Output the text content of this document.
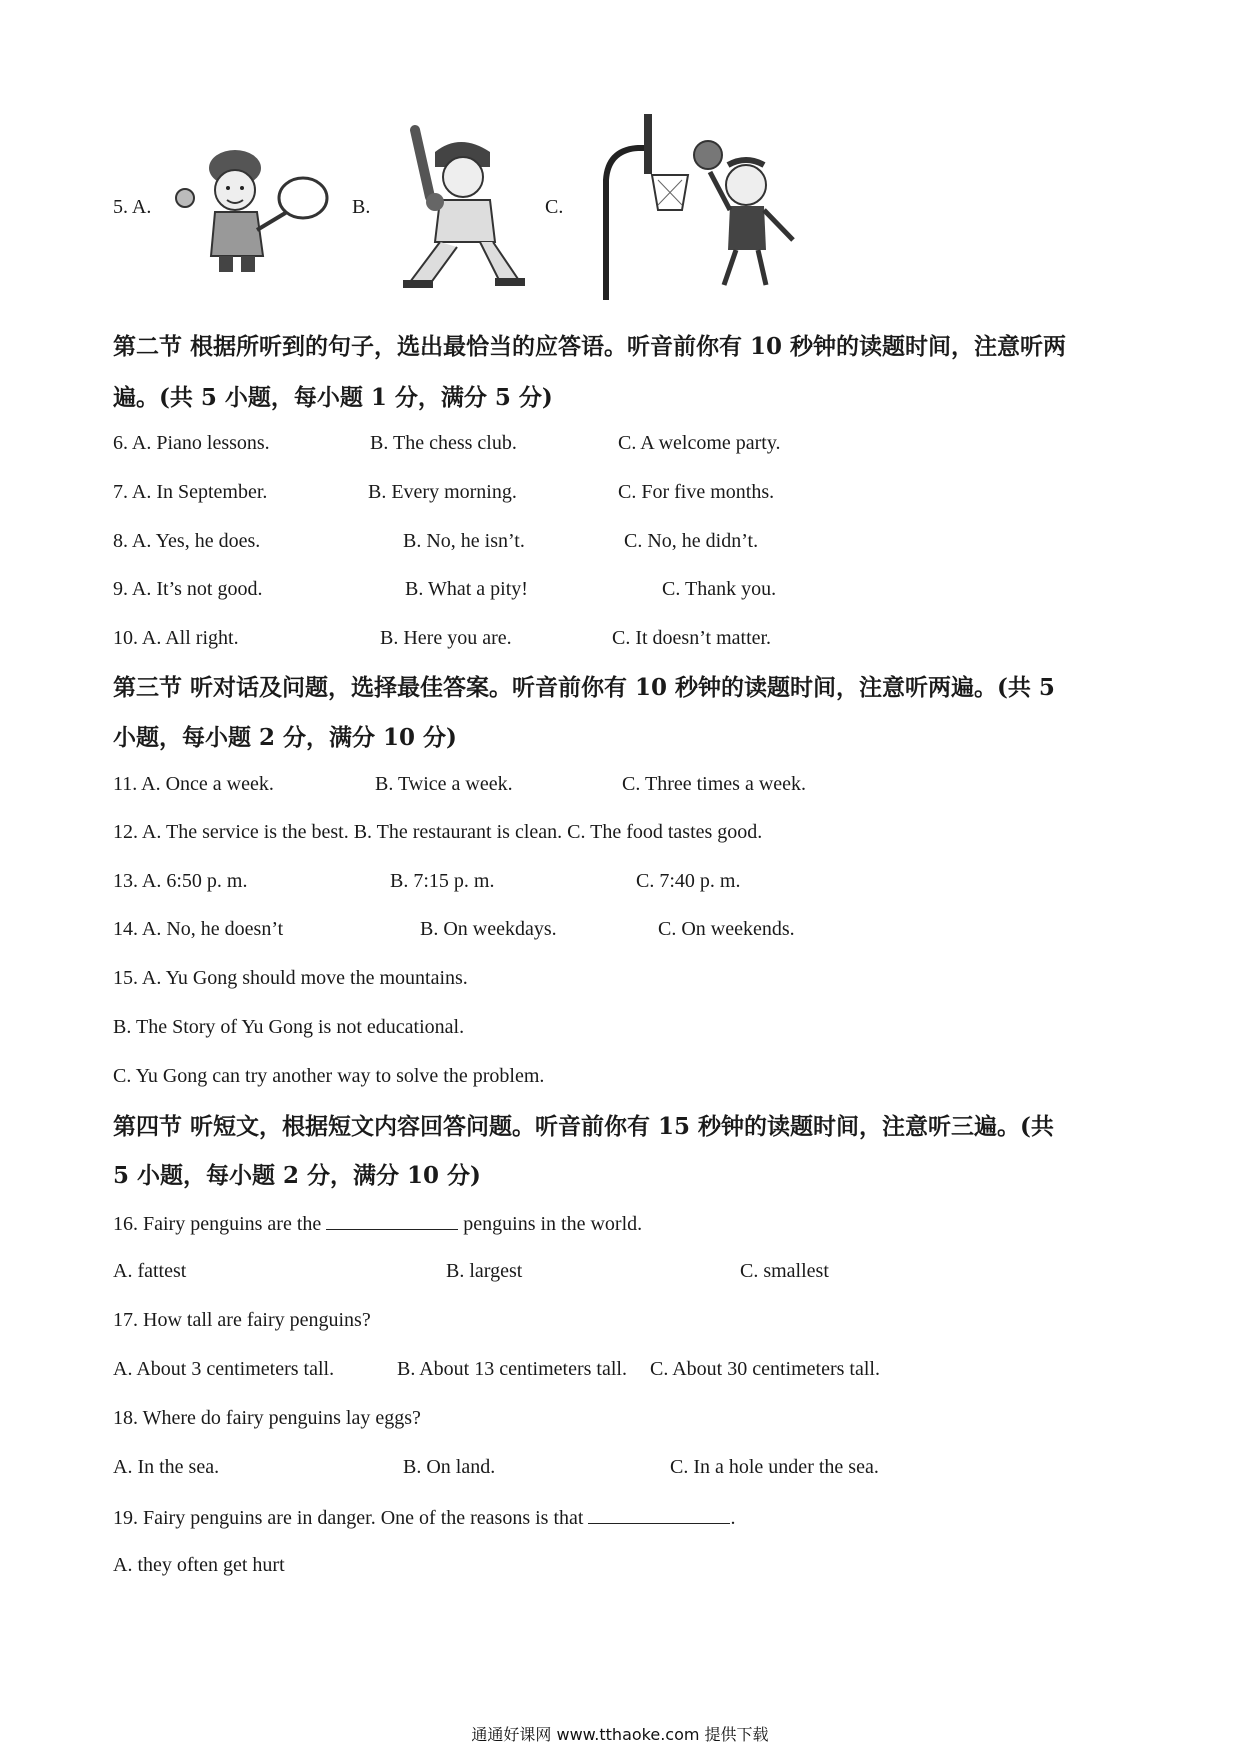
5. A.	B.	C.
第二节 根据所听到的句子，选出最恰当的应答语。听音前你有 10 秒钟的读题时间，注意听两
遍。(共 5 小题，每小题 1 分，满分 5 分)
6. A. Piano lessons.	B. The chess club.	C. A welcome party.
7. A. In September.	B. Every morning.	C. For five months.
8. A. Yes, he does.	B. No, he isn’t.	C. No, he didn’t.
9. A. It’s not good.	B. What a pity!	C. Thank you.
10. A. All right.	B. Here you are.	C. It doesn’t matter.
第三节 听对话及问题，选择最佳答案。听音前你有 10 秒钟的读题时间，注意听两遍。(共 5
小题，每小题 2 分，满分 10 分)
11. A. Once a week.	B. Twice a week.	C. Three times a week.
12. A. The service is the best. B. The restaurant is clean. C. The food tastes good.
13. A. 6:50 p. m.	B. 7:15 p. m.	C. 7:40 p. m.
14. A. No, he doesn’t	B. On weekdays.	C. On weekends.
15. A. Yu Gong should move the mountains.
B. The Story of Yu Gong is not educational.
C. Yu Gong can try another way to solve the problem.
第四节 听短文，根据短文内容回答问题。听音前你有 15 秒钟的读题时间，注意听三遍。(共
5 小题，每小题 2 分，满分 10 分)
16. Fairy penguins are the	penguins in the world.
A. fattest	B. largest	C. smallest
17. How tall are fairy penguins?
A. About 3 centimeters tall.	B. About 13 centimeters tall. C. About 30 centimeters tall.
18. Where do fairy penguins lay eggs?
A. In the sea.	B. On land.	C. In a hole under the sea.
19. Fairy penguins are in danger. One of the reasons is that	.
A. they often get hurt
通通好课网 www.tthaoke.com 提供下载
